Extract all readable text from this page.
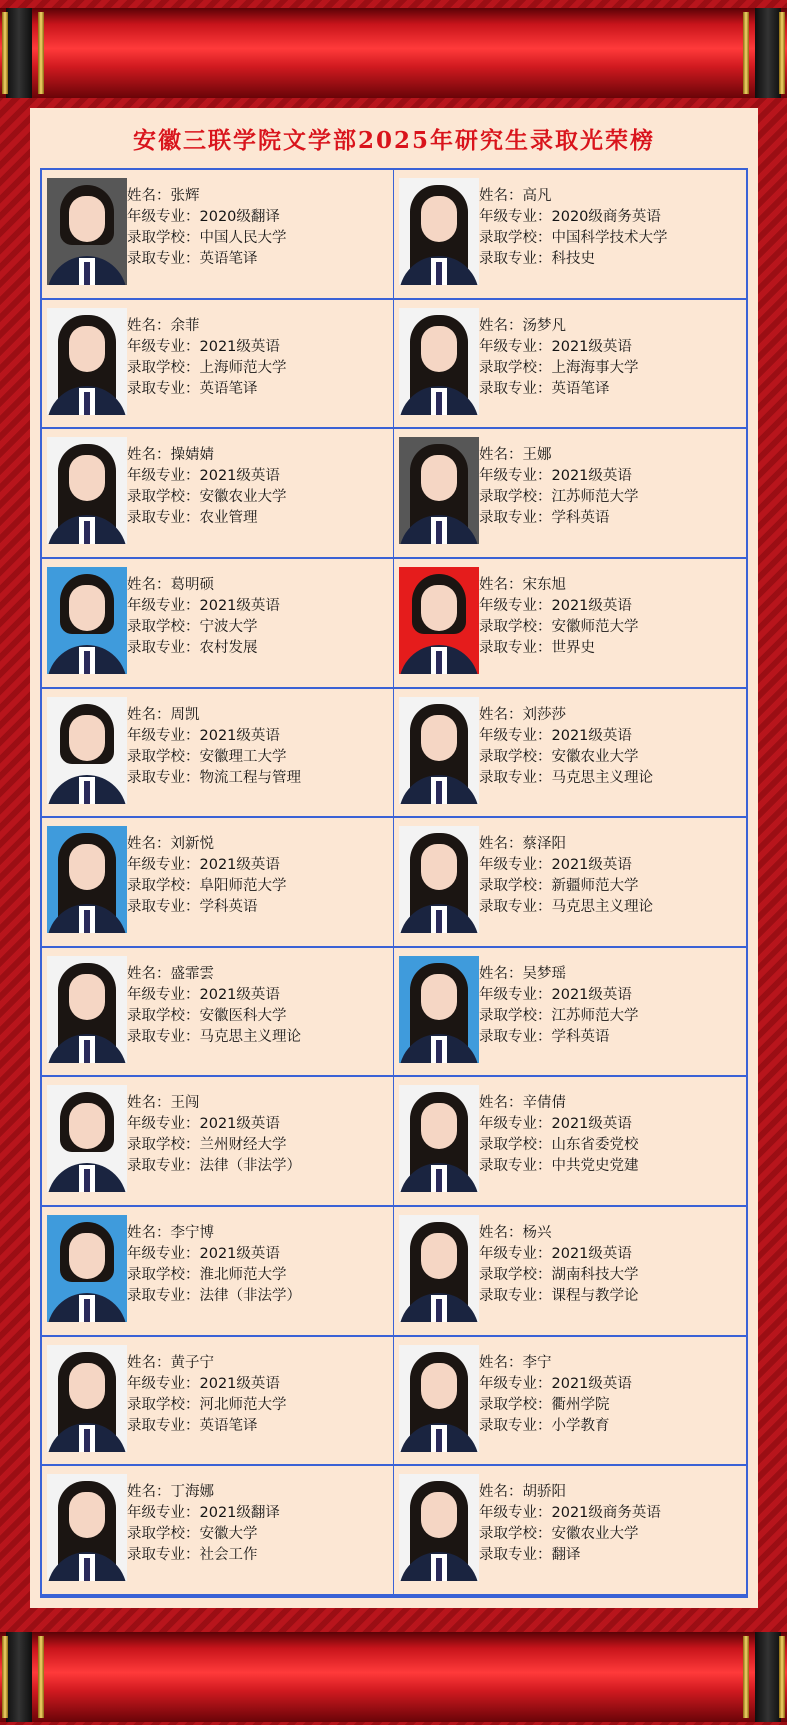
安徽三联学院文学部2025年研究生录取光荣榜
姓名：张辉
年级专业：2020级翻译
录取学校：中国人民大学
录取专业：英语笔译
姓名：高凡
年级专业：2020级商务英语
录取学校：中国科学技术大学
录取专业：科技史
姓名：余菲
年级专业：2021级英语
录取学校：上海师范大学
录取专业：英语笔译
姓名：汤梦凡
年级专业：2021级英语
录取学校：上海海事大学
录取专业：英语笔译
姓名：操婧婧
年级专业：2021级英语
录取学校：安徽农业大学
录取专业：农业管理
姓名：王娜
年级专业：2021级英语
录取学校：江苏师范大学
录取专业：学科英语
姓名：葛明硕
年级专业：2021级英语
录取学校：宁波大学
录取专业：农村发展
姓名：宋东旭
年级专业：2021级英语
录取学校：安徽师范大学
录取专业：世界史
姓名：周凯
年级专业：2021级英语
录取学校：安徽理工大学
录取专业：物流工程与管理
姓名：刘莎莎
年级专业：2021级英语
录取学校：安徽农业大学
录取专业：马克思主义理论
姓名：刘新悦
年级专业：2021级英语
录取学校：阜阳师范大学
录取专业：学科英语
姓名：蔡泽阳
年级专业：2021级英语
录取学校：新疆师范大学
录取专业：马克思主义理论
姓名：盛霏雲
年级专业：2021级英语
录取学校：安徽医科大学
录取专业：马克思主义理论
姓名：吴梦瑶
年级专业：2021级英语
录取学校：江苏师范大学
录取专业：学科英语
姓名：王闯
年级专业：2021级英语
录取学校：兰州财经大学
录取专业：法律（非法学）
姓名：辛倩倩
年级专业：2021级英语
录取学校：山东省委党校
录取专业：中共党史党建
姓名：李宁博
年级专业：2021级英语
录取学校：淮北师范大学
录取专业：法律（非法学）
姓名：杨兴
年级专业：2021级英语
录取学校：湖南科技大学
录取专业：课程与教学论
姓名：黄子宁
年级专业：2021级英语
录取学校：河北师范大学
录取专业：英语笔译
姓名：李宁
年级专业：2021级英语
录取学校：衢州学院
录取专业：小学教育
姓名：丁海娜
年级专业：2021级翻译
录取学校：安徽大学
录取专业：社会工作
姓名：胡骄阳
年级专业：2021级商务英语
录取学校：安徽农业大学
录取专业：翻译
